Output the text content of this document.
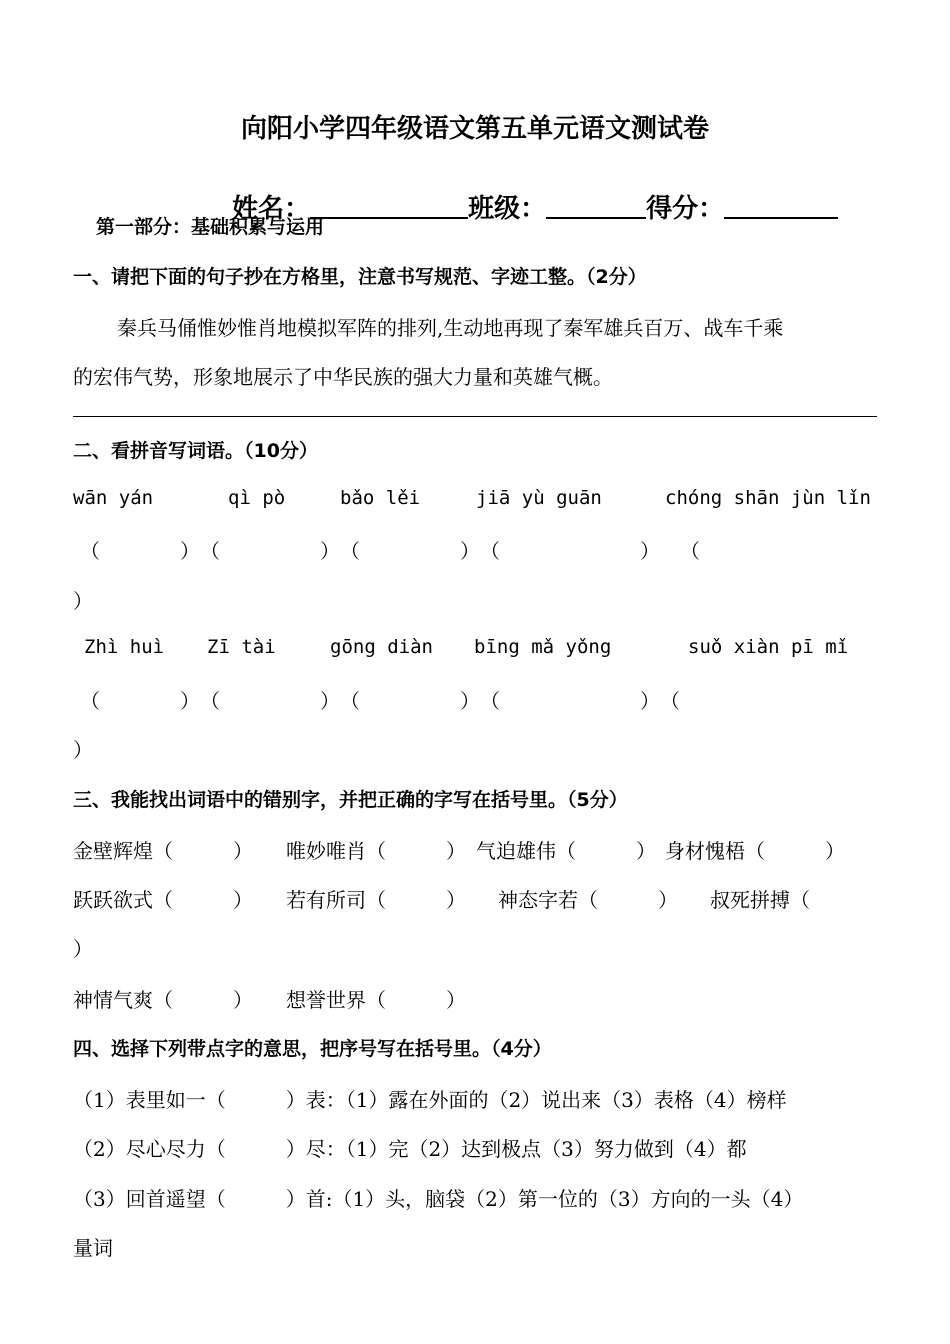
向阳小学四年级语文第五单元语文测试卷

姓名：	班级：	得分：

第一部分：基础积累与运用
一、请把下面的句子抄在方格里，注意书写规范、字迹工整。（2分）
秦兵马俑惟妙惟肖地模拟军阵的排列,生动地再现了秦军雄兵百万、战车千乘
的宏伟气势，形象地展示了中华民族的强大力量和英雄气概。
二、看拼音写词语。（10分）
wān yán	qì pò	bǎo lěi	jiā yù guān	chóng shān jùn lǐn
（　　　　）　（　　　　　）　（　　　　　）　（　　　　　　　）　　（
）
Zhì huì Zī tài	gōng diàn bīng mǎ yǒng	suǒ xiàn pī mǐ
（　　　　）　（　　　　　）　（　　　　　）　（　　　　　　　）　（
）
三、我能找出词语中的错别字，并把正确的字写在括号里。（5分）
金壁辉煌（　　　） 唯妙唯肖（　　　） 气迫雄伟（　　　） 身材愧梧（　　　）
跃跃欲式（　　　） 若有所司（　　　） 神态字若（　　　） 叔死拼搏（
）
神情气爽（　　　） 想誉世界（　　　）
四、选择下列带点字的意思，把序号写在括号里。（4分）
（1）表里如一（　　　）表：（1）露在外面的（2）说出来（3）表格（4）榜样
（2）尽心尽力（　　　）尽：（1）完（2）达到极点（3）努力做到（4）都
（3）回首遥望（　　　）首:（1）头，脑袋（2）第一位的（3）方向的一头（4）
量词
